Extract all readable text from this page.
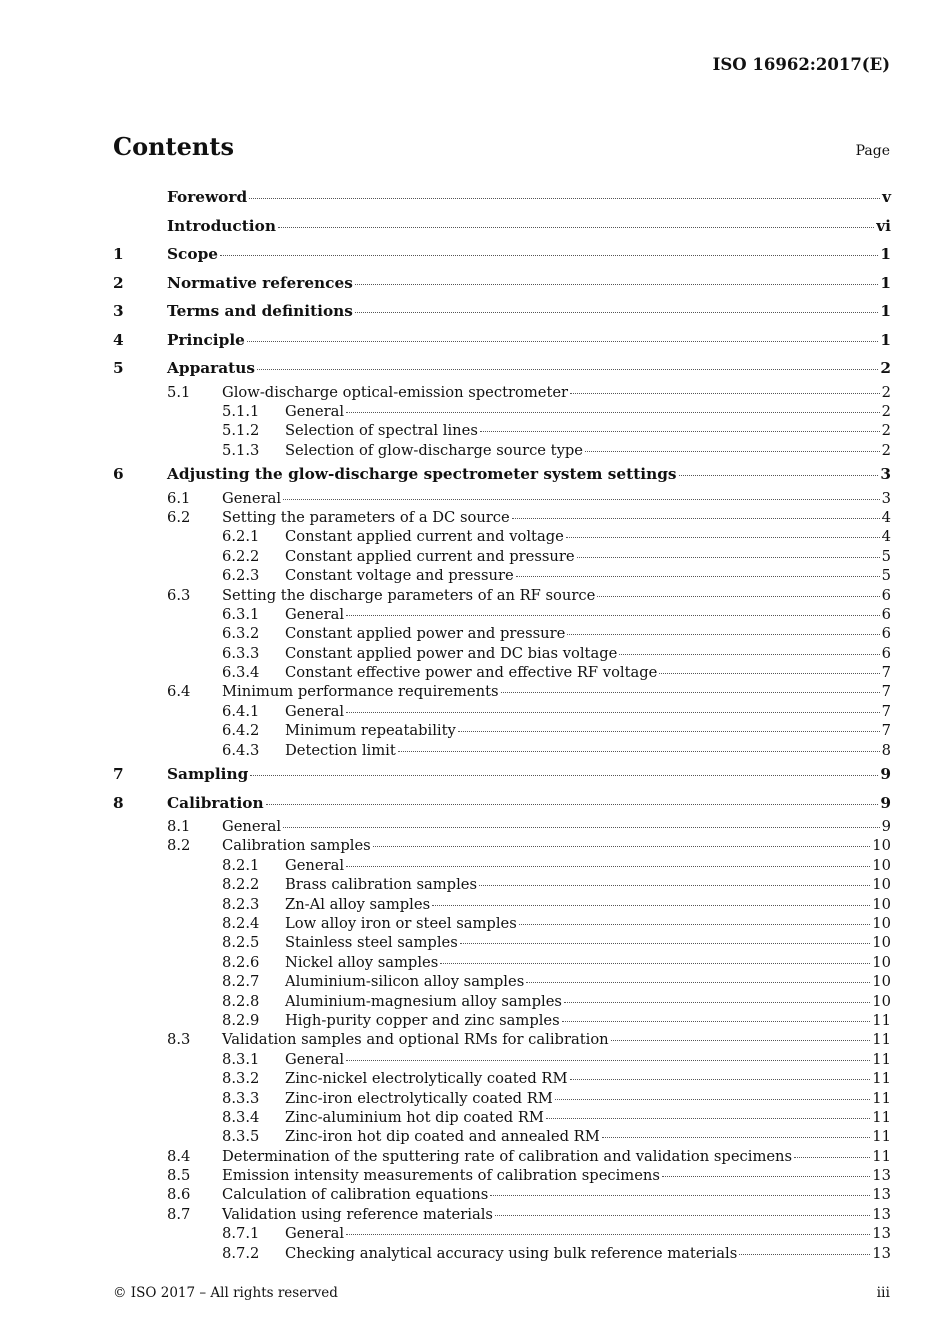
ISO 16962:2017(E)
Contents	Page
Foreword	v
Introduction	vi
1	Scope	1
2	Normative references	1
3	Terms and definitions	1
4	Principle	1
5	Apparatus	2
5.1	Glow-discharge optical-emission spectrometer	2
5.1.1	General	2
5.1.2	Selection of spectral lines	2
5.1.3	Selection of glow-discharge source type	2
6	Adjusting the glow-discharge spectrometer system settings	3
6.1	General	3
6.2	Setting the parameters of a DC source	4
6.2.1	Constant applied current and voltage	4
6.2.2	Constant applied current and pressure	5
6.2.3	Constant voltage and pressure	5
6.3	Setting the discharge parameters of an RF source	6
6.3.1	General	6
6.3.2	Constant applied power and pressure	6
6.3.3	Constant applied power and DC bias voltage	6
6.3.4	Constant effective power and effective RF voltage	7
6.4	Minimum performance requirements	7
6.4.1	General	7
6.4.2	Minimum repeatability	7
6.4.3	Detection limit	8
7	Sampling	9
8	Calibration	9
8.1	General	9
8.2	Calibration samples	10
8.2.1	General	10
8.2.2	Brass calibration samples	10
8.2.3	Zn-Al alloy samples	10
8.2.4	Low alloy iron or steel samples	10
8.2.5	Stainless steel samples	10
8.2.6	Nickel alloy samples	10
8.2.7	Aluminium-silicon alloy samples	10
8.2.8	Aluminium-magnesium alloy samples	10
8.2.9	High-purity copper and zinc samples	11
8.3	Validation samples and optional RMs for calibration	11
8.3.1	General	11
8.3.2	Zinc-nickel electrolytically coated RM	11
8.3.3	Zinc-iron electrolytically coated RM	11
8.3.4	Zinc-aluminium hot dip coated RM	11
8.3.5	Zinc-iron hot dip coated and annealed RM	11
8.4	Determination of the sputtering rate of calibration and validation specimens	11
8.5	Emission intensity measurements of calibration specimens	13
8.6	Calculation of calibration equations	13
8.7	Validation using reference materials	13
8.7.1	General	13
8.7.2	Checking analytical accuracy using bulk reference materials	13
© ISO 2017 – All rights reserved	iii
